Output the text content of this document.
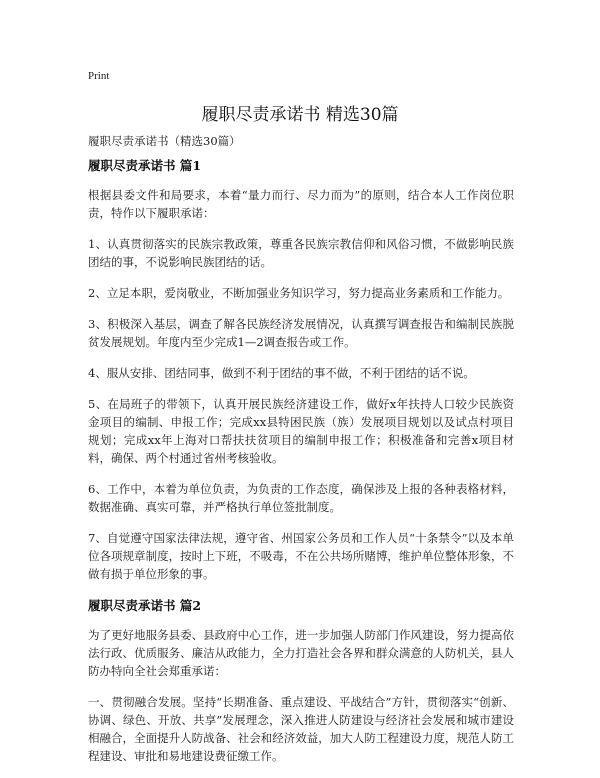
Print
履职尽责承诺书 精选30篇
履职尽责承诺书（精选30篇）
履职尽责承诺书 篇1

根据县委文件和局要求，本着“量力而行、尽力而为”的原则，结合本人工作岗位职责，特作以下履职承诺：

1、认真贯彻落实的民族宗教政策，尊重各民族宗教信仰和风俗习惯，不做影响民族团结的事，不说影响民族团结的话。

2、立足本职，爱岗敬业，不断加强业务知识学习，努力提高业务素质和工作能力。

3、积极深入基层，调查了解各民族经济发展情况，认真撰写调查报告和编制民族脱贫发展规划。年度内至少完成1—2调查报告或工作。

4、服从安排、团结同事，做到不利于团结的事不做，不利于团结的话不说。

5、在局班子的带领下，认真开展民族经济建设工作，做好x年扶持人口较少民族资金项目的编制、申报工作；完成xx县特困民族（族）发展项目规划以及试点村项目规划；完成xx年上海对口帮扶扶贫项目的编制申报工作；积极准备和完善x项目材料，确保、两个村通过省州考核验收。

6、工作中，本着为单位负责，为负责的工作态度，确保涉及上报的各种表格材料，数据准确、真实可靠，并严格执行单位签批制度。

7、自觉遵守国家法律法规，遵守省、州国家公务员和工作人员“十条禁令”以及本单位各项规章制度，按时上下班，不吸毒，不在公共场所赌博，维护单位整体形象，不做有损于单位形象的事。

履职尽责承诺书 篇2

为了更好地服务县委、县政府中心工作，进一步加强人防部门作风建设，努力提高依法行政、优质服务、廉洁从政能力，全力打造社会各界和群众满意的人防机关，县人防办特向全社会郑重承诺：

一、贯彻融合发展。坚持“长期准备、重点建设、平战结合”方针，贯彻落实“创新、协调、绿色、开放、共享”发展理念，深入推进人防建设与经济社会发展和城市建设相融合，全面提升人防战备、社会和经济效益，加大人防工程建设力度，规范人防工程建设、审批和易地建设费征缴工作。
